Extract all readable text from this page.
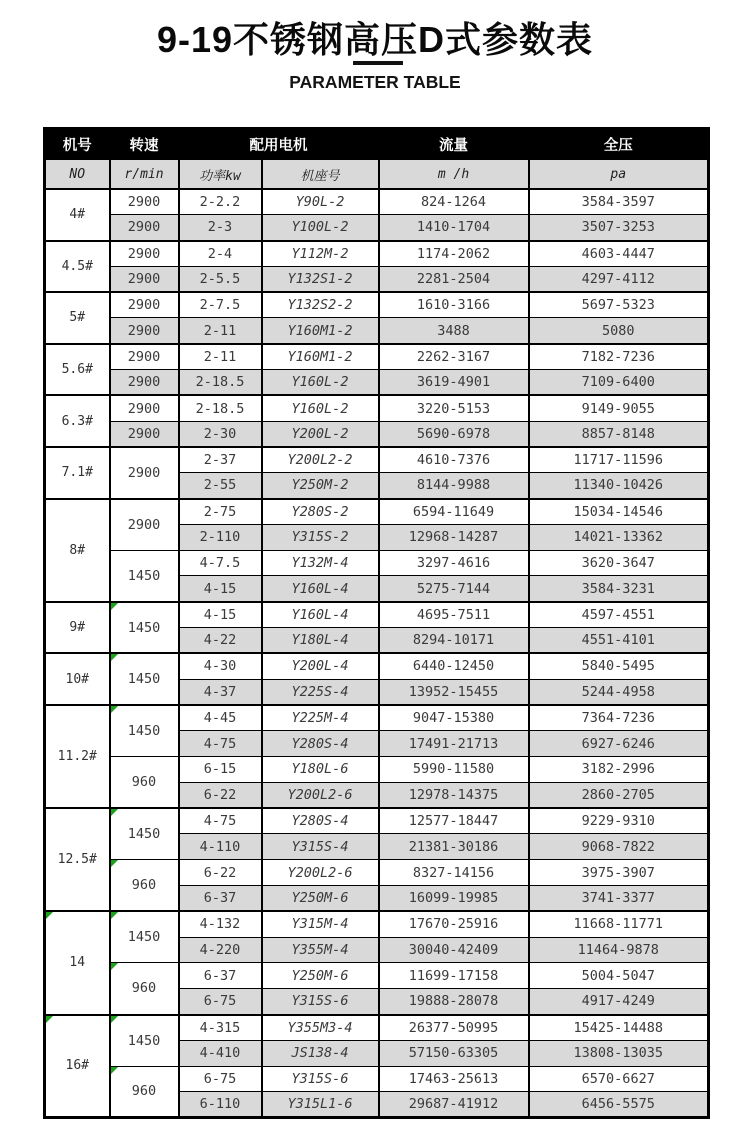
9-19不锈钢高压D式参数表
PARAMETER TABLE
机号	转速	配用电机		流量	全压
NO	r/min	功率kw	机座号	m /h	pa
4#	2900	2-2.2	Y90L-2	824-1264	3584-3597
	2900	2-3	Y100L-2	1410-1704	3507-3253
4.5#	2900	2-4	Y112M-2	1174-2062	4603-4447
	2900	2-5.5	Y132S1-2	2281-2504	4297-4112
5#	2900	2-7.5	Y132S2-2	1610-3166	5697-5323
	2900	2-11	Y160M1-2	3488	5080
5.6#	2900	2-11	Y160M1-2	2262-3167	7182-7236
	2900	2-18.5	Y160L-2	3619-4901	7109-6400
6.3#	2900	2-18.5	Y160L-2	3220-5153	9149-9055
	2900	2-30	Y200L-2	5690-6978	8857-8148
7.1#	2900	2-37	Y200L2-2	4610-7376	11717-11596
		2-55	Y250M-2	8144-9988	11340-10426
8#	2900	2-75	Y280S-2	6594-11649	15034-14546
		2-110	Y315S-2	12968-14287	14021-13362
	1450	4-7.5	Y132M-4	3297-4616	3620-3647
		4-15	Y160L-4	5275-7144	3584-3231
9#	1450	4-15	Y160L-4	4695-7511	4597-4551
		4-22	Y180L-4	8294-10171	4551-4101
10#	1450	4-30	Y200L-4	6440-12450	5840-5495
		4-37	Y225S-4	13952-15455	5244-4958
11.2#	1450	4-45	Y225M-4	9047-15380	7364-7236
		4-75	Y280S-4	17491-21713	6927-6246
	960	6-15	Y180L-6	5990-11580	3182-2996
		6-22	Y200L2-6	12978-14375	2860-2705
12.5#	1450	4-75	Y280S-4	12577-18447	9229-9310
		4-110	Y315S-4	21381-30186	9068-7822
	960	6-22	Y200L2-6	8327-14156	3975-3907
		6-37	Y250M-6	16099-19985	3741-3377
14	1450	4-132	Y315M-4	17670-25916	11668-11771
		4-220	Y355M-4	30040-42409	11464-9878
	960	6-37	Y250M-6	11699-17158	5004-5047
		6-75	Y315S-6	19888-28078	4917-4249
16#	1450	4-315	Y355M3-4	26377-50995	15425-14488
		4-410	JS138-4	57150-63305	13808-13035
	960	6-75	Y315S-6	17463-25613	6570-6627
		6-110	Y315L1-6	29687-41912	6456-5575
